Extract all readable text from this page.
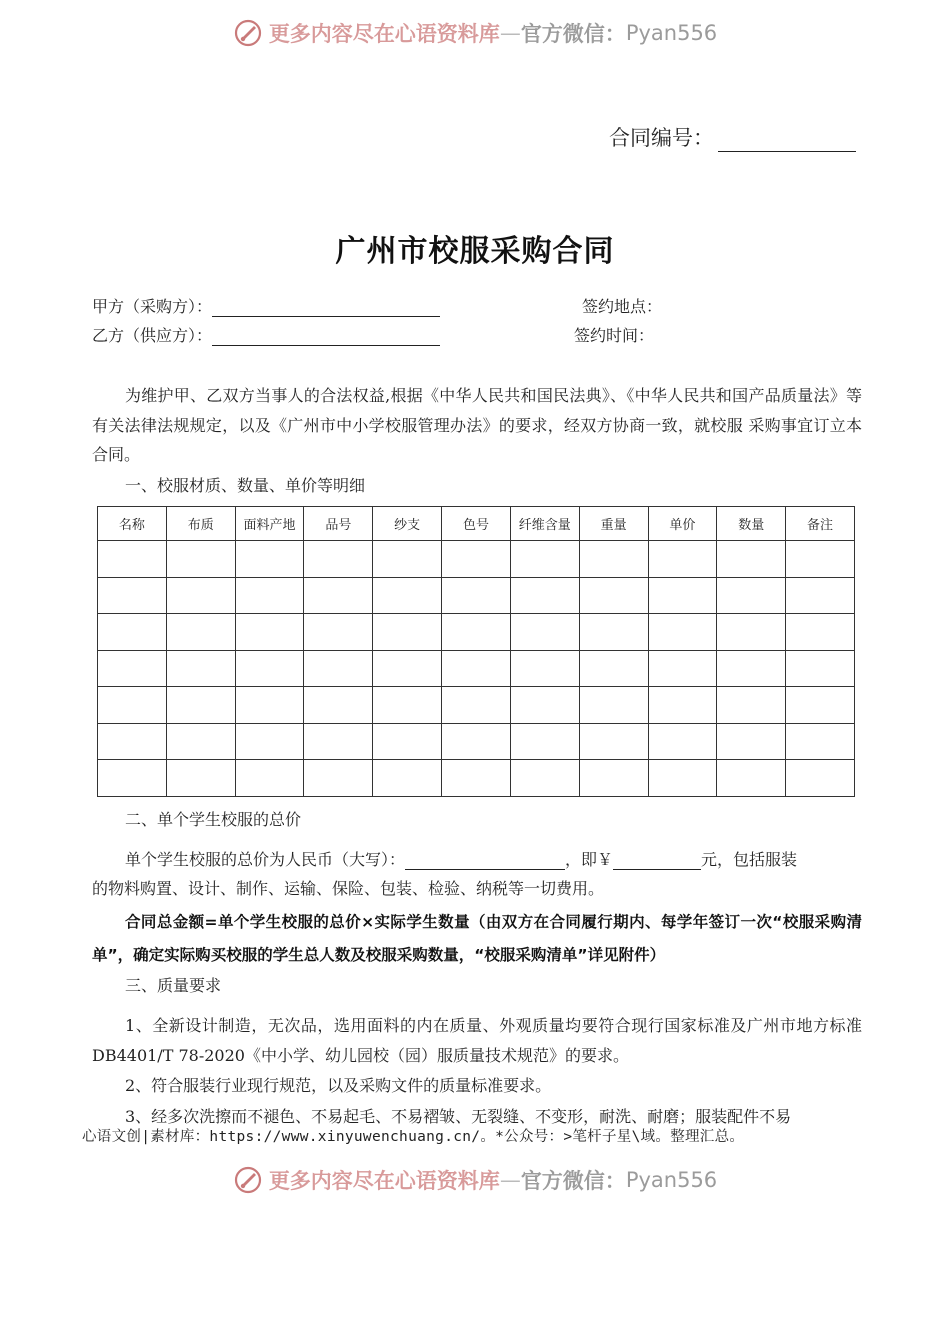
更多内容尽在心语资料库—官方微信：Pyan556
合同编号：
广州市校服采购合同
甲方（采购方）：
乙方（供应方）：
签约地点：
签约时间：
为维护甲、乙双方当事人的合法权益,根据《中华人民共和国民法典》、《中华人民共和国产品质量法》等有关法律法规规定，以及《广州市中小学校服管理办法》的要求，经双方协商一致，就校服 采购事宜订立本合同。
一、校服材质、数量、单价等明细
名称	布质	面料产地	品号	纱支	色号	纤维含量	重量	单价	数量	备注

二、单个学生校服的总价
单个学生校服的总价为人民币（大写）：	，即￥	元，包括服装
的物料购置、设计、制作、运输、保险、包装、检验、纳税等一切费用。
合同总金额=单个学生校服的总价×实际学生数量（由双方在合同履行期内、每学年签订一次“校服采购清单”，确定实际购买校服的学生总人数及校服采购数量，“校服采购清单”详见附件）
三、质量要求
1、全新设计制造，无次品，选用面料的内在质量、外观质量均要符合现行国家标准及广州市地方标准 DB4401/T 78-2020《中小学、幼儿园校（园）服质量技术规范》的要求。
2、符合服装行业现行规范，以及采购文件的质量标准要求。
3、经多次洗擦而不褪色、不易起毛、不易褶皱、无裂缝、不变形，耐洗、耐磨；服装配件不易
心语文创|素材库：https://www.xinyuwenchuang.cn/。*公众号：>笔杆子星\域。整理汇总。
更多内容尽在心语资料库—官方微信：Pyan556
